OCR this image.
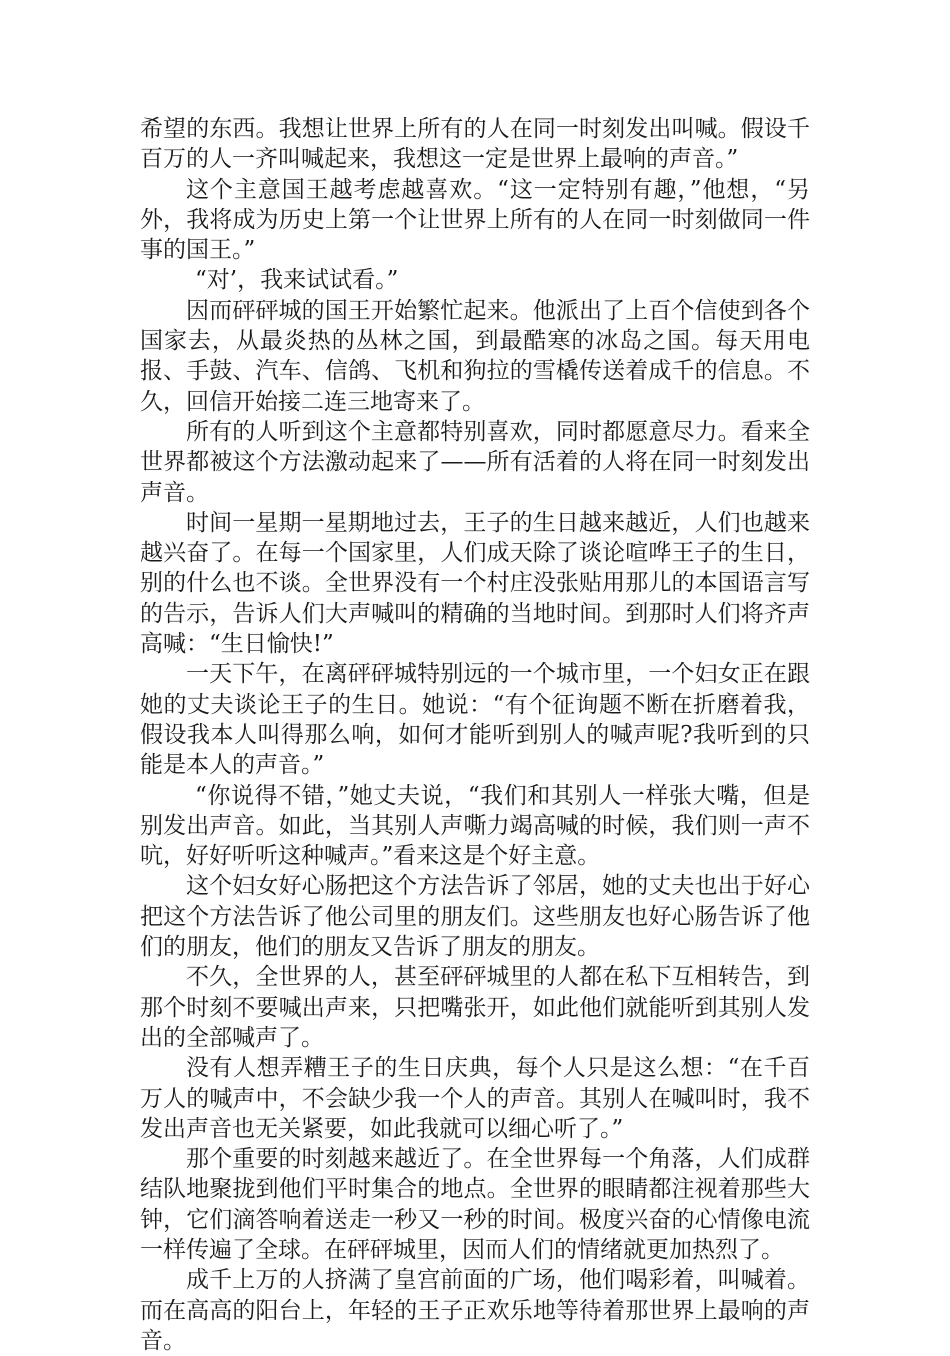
希望的东西。我想让世界上所有的人在同一时刻发出叫喊。假设千百万的人一齐叫喊起来，我想这一定是世界上最响的声音。”

这个主意国王越考虑越喜欢。“这一定特别有趣，”他想，“另外，我将成为历史上第一个让世界上所有的人在同一时刻做同一件事的国王。”

“对’，我来试试看。”

因而砰砰城的国王开始繁忙起来。他派出了上百个信使到各个国家去，从最炎热的丛林之国，到最酷寒的冰岛之国。每天用电报、手鼓、汽车、信鸽、飞机和狗拉的雪橇传送着成千的信息。不久，回信开始接二连三地寄来了。

所有的人听到这个主意都特别喜欢，同时都愿意尽力。看来全世界都被这个方法激动起来了——所有活着的人将在同一时刻发出声音。

时间一星期一星期地过去，王子的生日越来越近，人们也越来越兴奋了。在每一个国家里，人们成天除了谈论喧哗王子的生日，别的什么也不谈。全世界没有一个村庄没张贴用那儿的本国语言写的告示，告诉人们大声喊叫的精确的当地时间。到那时人们将齐声高喊：“生日愉快!”

一天下午，在离砰砰城特别远的一个城市里，一个妇女正在跟她的丈夫谈论王子的生日。她说：“有个征询题不断在折磨着我，假设我本人叫得那么响，如何才能听到别人的喊声呢?我听到的只能是本人的声音。”

“你说得不错，”她丈夫说，“我们和其别人一样张大嘴，但是别发出声音。如此，当其别人声嘶力竭高喊的时候，我们则一声不吭，好好听听这种喊声。”看来这是个好主意。

这个妇女好心肠把这个方法告诉了邻居，她的丈夫也出于好心把这个方法告诉了他公司里的朋友们。这些朋友也好心肠告诉了他们的朋友，他们的朋友又告诉了朋友的朋友。

不久，全世界的人，甚至砰砰城里的人都在私下互相转告，到那个时刻不要喊出声来，只把嘴张开，如此他们就能听到其别人发出的全部喊声了。

没有人想弄糟王子的生日庆典，每个人只是这么想：“在千百万人的喊声中，不会缺少我一个人的声音。其别人在喊叫时，我不发出声音也无关紧要，如此我就可以细心听了。”

那个重要的时刻越来越近了。在全世界每一个角落，人们成群结队地聚拢到他们平时集合的地点。全世界的眼睛都注视着那些大钟，它们滴答响着送走一秒又一秒的时间。极度兴奋的心情像电流一样传遍了全球。在砰砰城里，因而人们的情绪就更加热烈了。

成千上万的人挤满了皇宫前面的广场，他们喝彩着，叫喊着。而在高高的阳台上，年轻的王子正欢乐地等待着那世界上最响的声音。
